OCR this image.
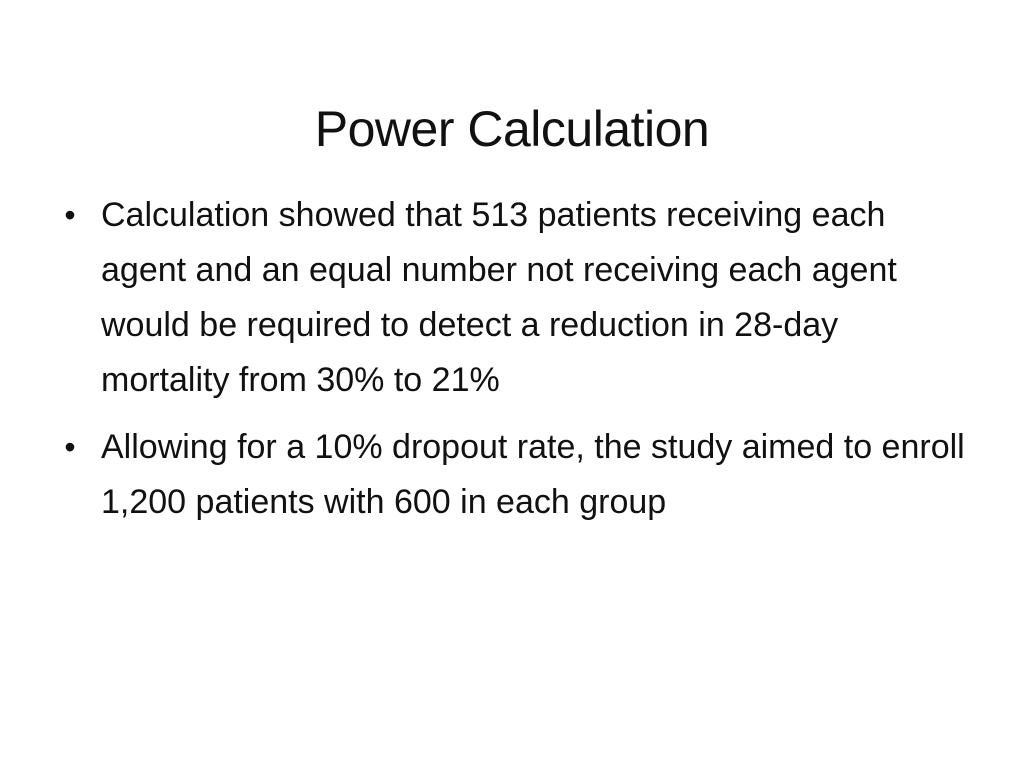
Power Calculation
• Calculation showed that 513 patients receiving each agent and an equal number not receiving each agent would be required to detect a reduction in 28-day mortality from 30% to 21%
• Allowing for a 10% dropout rate, the study aimed to enroll 1,200 patients with 600 in each group
